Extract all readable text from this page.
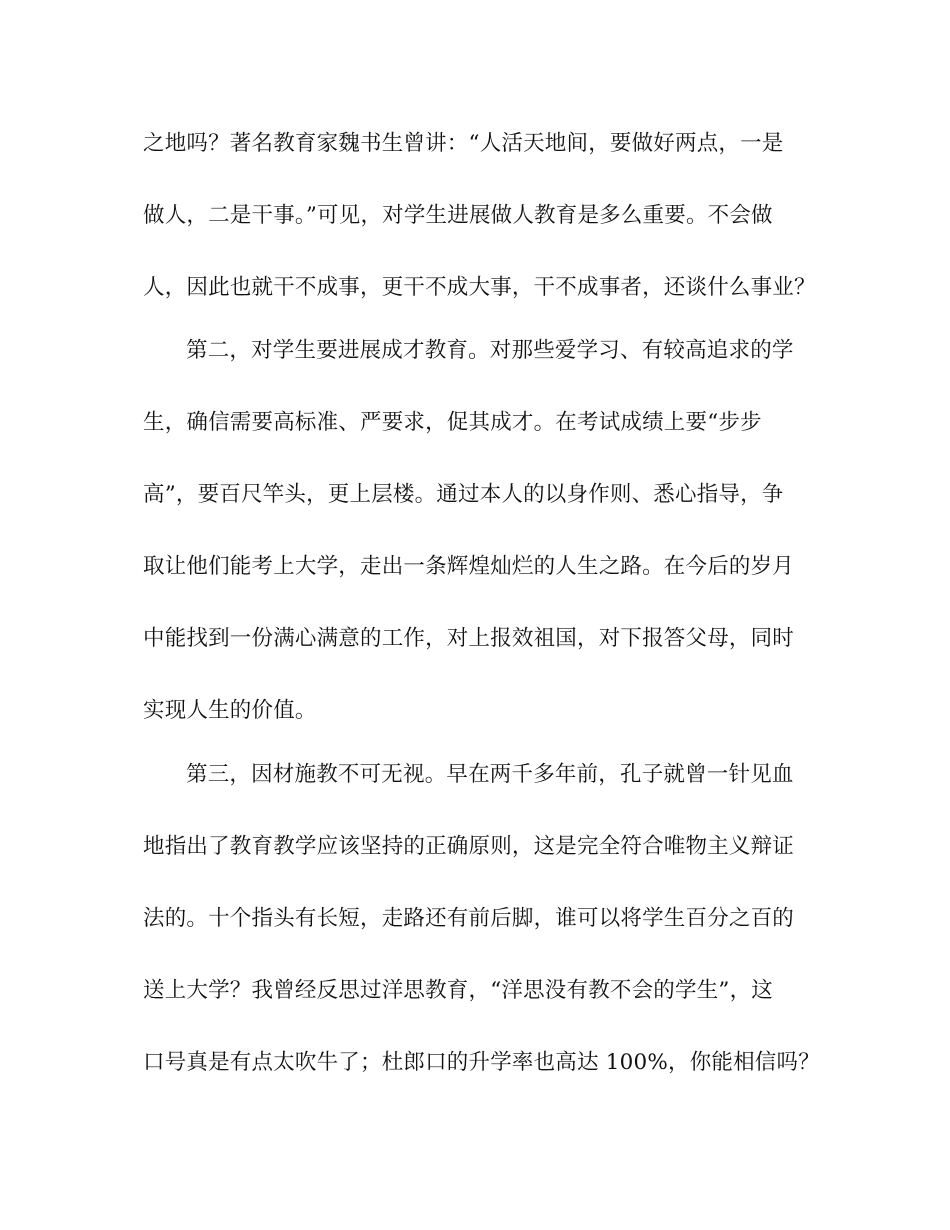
之地吗？著名教育家魏书生曾讲：“人活天地间，要做好两点，一是
做人，二是干事。”可见，对学生进展做人教育是多么重要。不会做
人，因此也就干不成事，更干不成大事，干不成事者，还谈什么事业？
第二，对学生要进展成才教育。对那些爱学习、有较高追求的学
生，确信需要高标准、严要求，促其成才。在考试成绩上要“步步
高”，要百尺竿头，更上层楼。通过本人的以身作则、悉心指导，争
取让他们能考上大学，走出一条辉煌灿烂的人生之路。在今后的岁月
中能找到一份满心满意的工作，对上报效祖国，对下报答父母，同时
实现人生的价值。
第三，因材施教不可无视。早在两千多年前，孔子就曾一针见血
地指出了教育教学应该坚持的正确原则，这是完全符合唯物主义辩证
法的。十个指头有长短，走路还有前后脚，谁可以将学生百分之百的
送上大学？我曾经反思过洋思教育，“洋思没有教不会的学生”，这
口号真是有点太吹牛了；杜郎口的升学率也高达 100%，你能相信吗？
